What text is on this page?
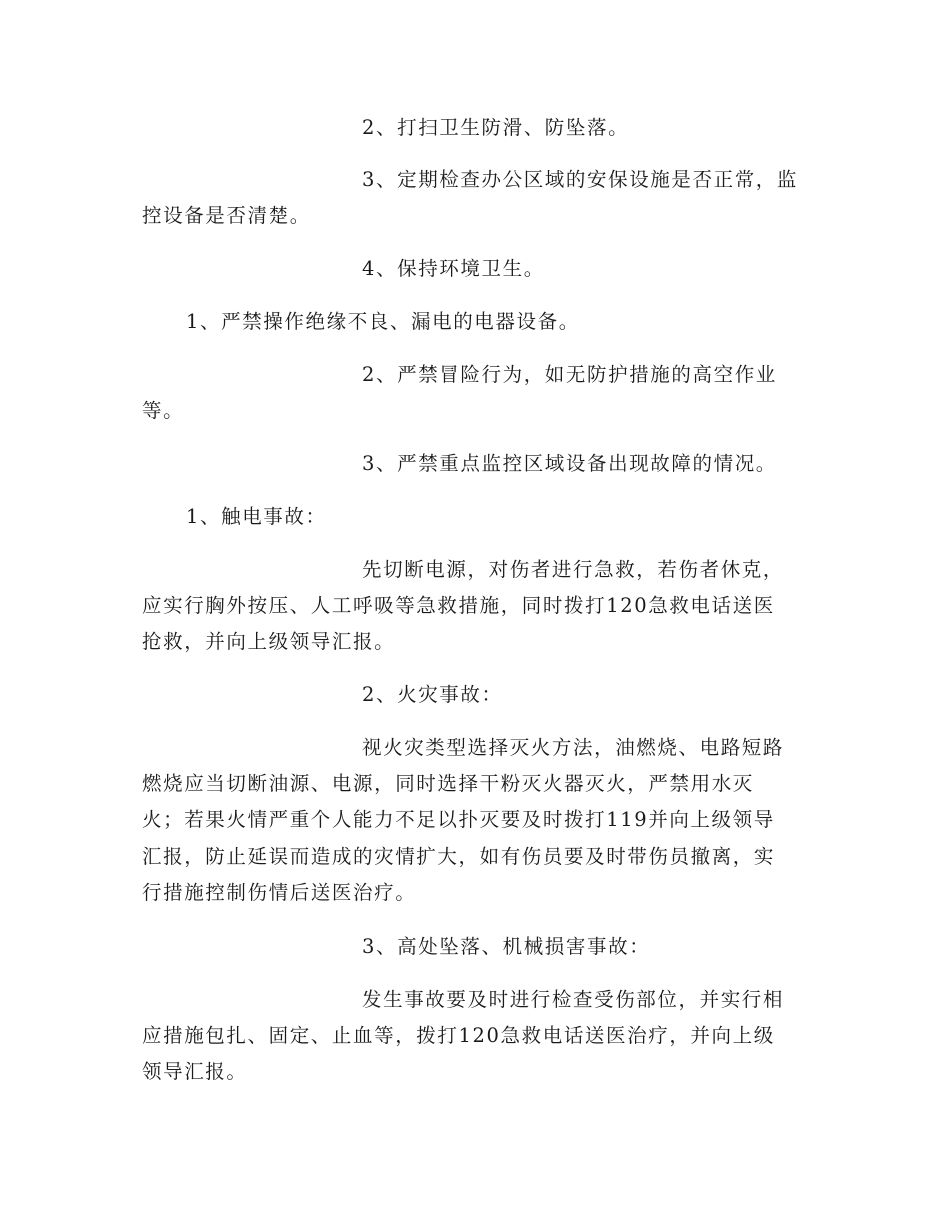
2、打扫卫生防滑、防坠落。

3、定期检查办公区域的安保设施是否正常，监

控设备是否清楚。

4、保持环境卫生。

1、严禁操作绝缘不良、漏电的电器设备。

2、严禁冒险行为，如无防护措施的高空作业

等。

3、严禁重点监控区域设备出现故障的情况。

1、触电事故：

先切断电源，对伤者进行急救，若伤者休克，

应实行胸外按压、人工呼吸等急救措施，同时拨打120急救电话送医

抢救，并向上级领导汇报。

2、火灾事故：

视火灾类型选择灭火方法，油燃烧、电路短路

燃烧应当切断油源、电源，同时选择干粉灭火器灭火，严禁用水灭

火；若果火情严重个人能力不足以扑灭要及时拨打119并向上级领导

汇报，防止延误而造成的灾情扩大，如有伤员要及时带伤员撤离，实

行措施控制伤情后送医治疗。

3、高处坠落、机械损害事故：

发生事故要及时进行检查受伤部位，并实行相

应措施包扎、固定、止血等，拨打120急救电话送医治疗，并向上级

领导汇报。
